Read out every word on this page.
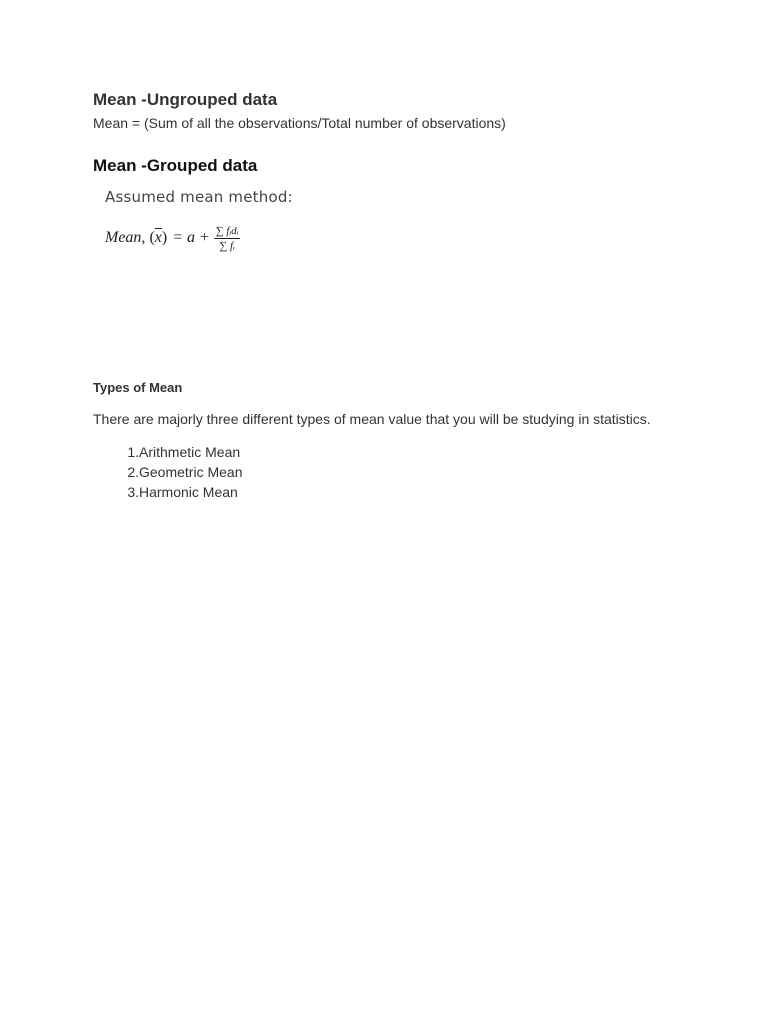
Mean -Ungrouped data

Mean = (Sum of all the observations/Total number of observations)

Mean -Grouped data
Assumed mean method:
Mean, ( $\overline{x}$ ) = $a + \frac{\text{∑ fᵢdᵢ}}{\text{∑ fᵢ}}$
Types of Mean

There are majorly three different types of mean value that you will be studying in statistics.

1. Arithmetic Mean
2. Geometric Mean
3. Harmonic Mean
